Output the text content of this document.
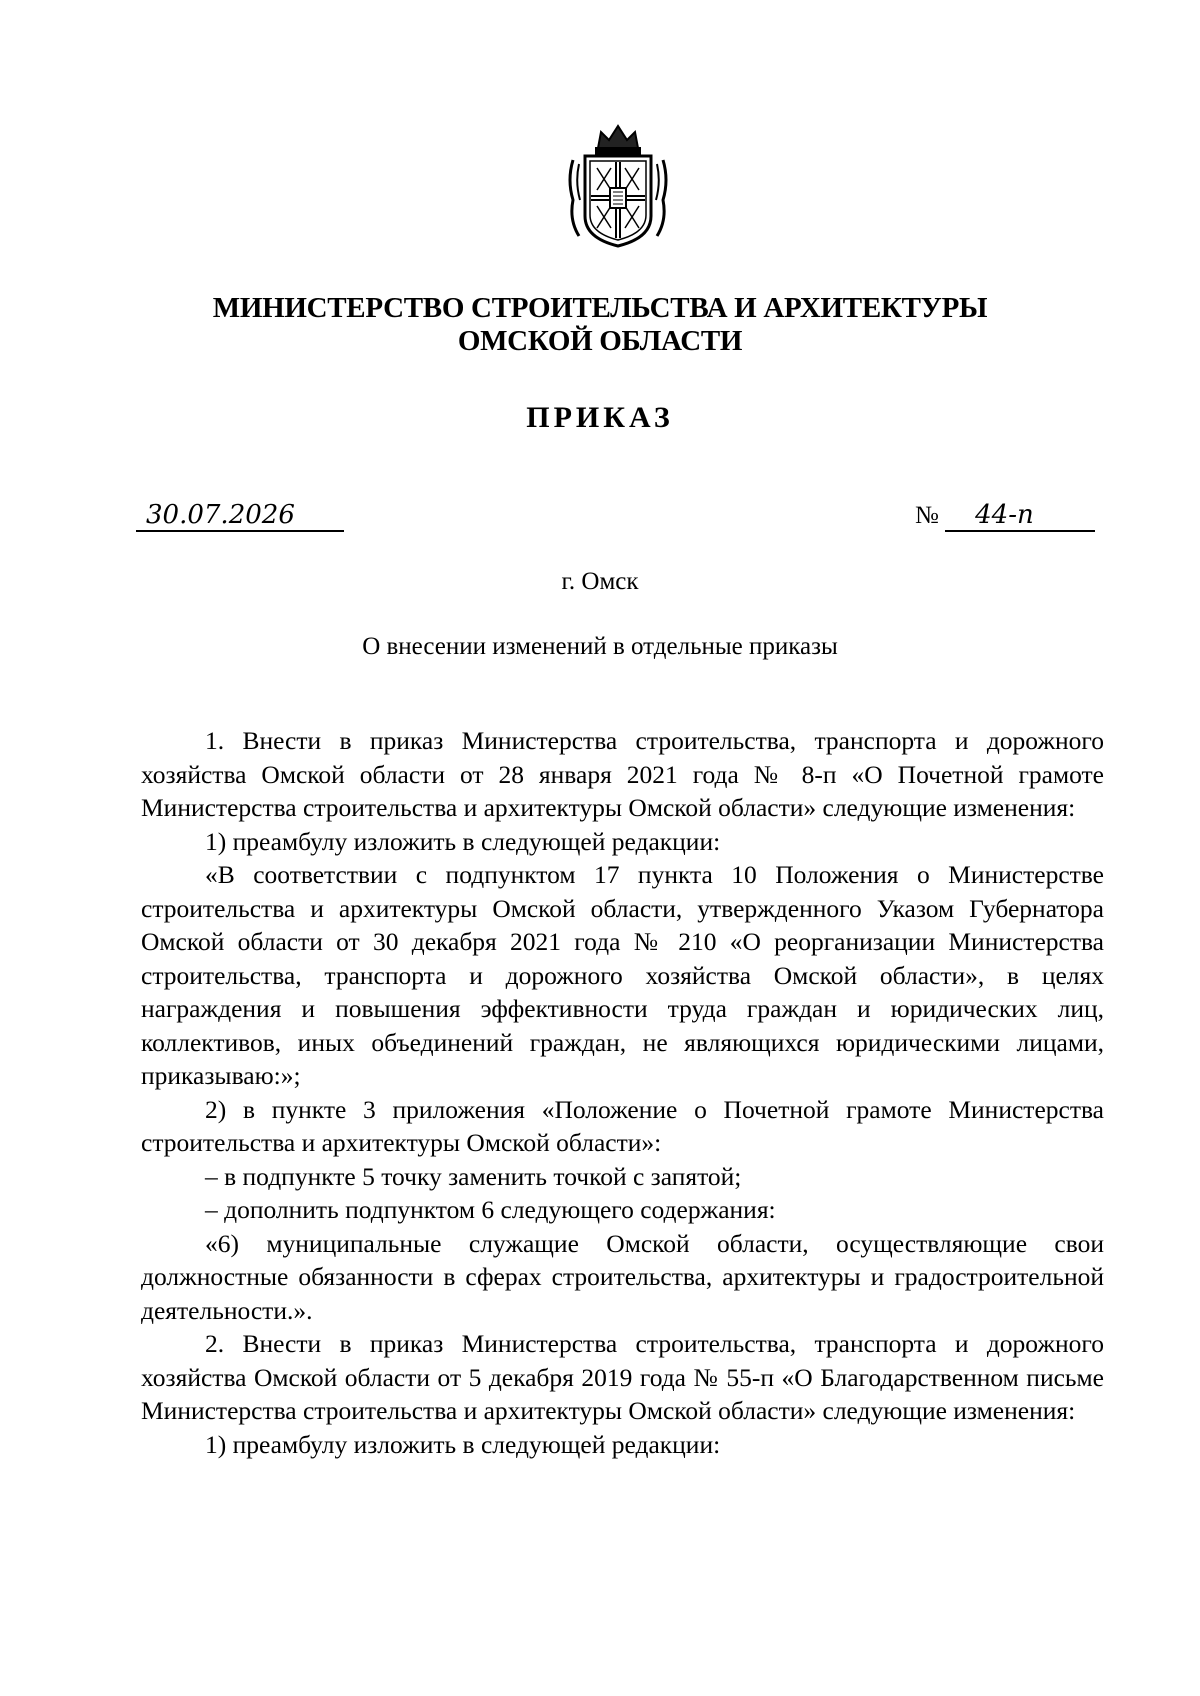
МИНИСТЕРСТВО СТРОИТЕЛЬСТВА И АРХИТЕКТУРЫ
ОМСКОЙ ОБЛАСТИ
ПРИКАЗ
30.07.2026	№ 44-п
г. Омск
О внесении изменений в отдельные приказы

1. Внести в приказ Министерства строительства, транспорта и дорожного хозяйства Омской области от 28 января 2021 года № 8-п «О Почетной грамоте Министерства строительства и архитектуры Омской области» следующие изменения:

1) преамбулу изложить в следующей редакции:

«В соответствии с подпунктом 17 пункта 10 Положения о Министерстве строительства и архитектуры Омской области, утвержденного Указом Губернатора Омской области от 30 декабря 2021 года № 210 «О реорганизации Министерства строительства, транспорта и дорожного хозяйства Омской области», в целях награждения и повышения эффективности труда граждан и юридических лиц, коллективов, иных объединений граждан, не являющихся юридическими лицами, приказываю:»;

2) в пункте 3 приложения «Положение о Почетной грамоте Министерства строительства и архитектуры Омской области»:

– в подпункте 5 точку заменить точкой с запятой;

– дополнить подпунктом 6 следующего содержания:

«6) муниципальные служащие Омской области, осуществляющие свои должностные обязанности в сферах строительства, архитектуры и градостроительной деятельности.».

2. Внести в приказ Министерства строительства, транспорта и дорожного хозяйства Омской области от 5 декабря 2019 года № 55-п «О Благодарственном письме Министерства строительства и архитектуры Омской области» следующие изменения:

1) преамбулу изложить в следующей редакции:
